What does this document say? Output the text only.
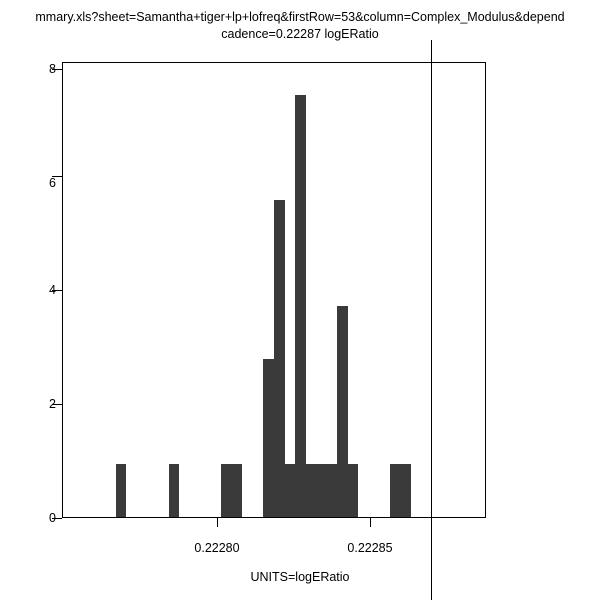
mmary.xls?sheet=Samantha+tiger+lp+lofreq&firstRow=53&column=Complex_Modulus&depend
cadence=0.22287 logERatio
0
2
4
6
8
0.22280	0.22285
UNITS=logERatio
